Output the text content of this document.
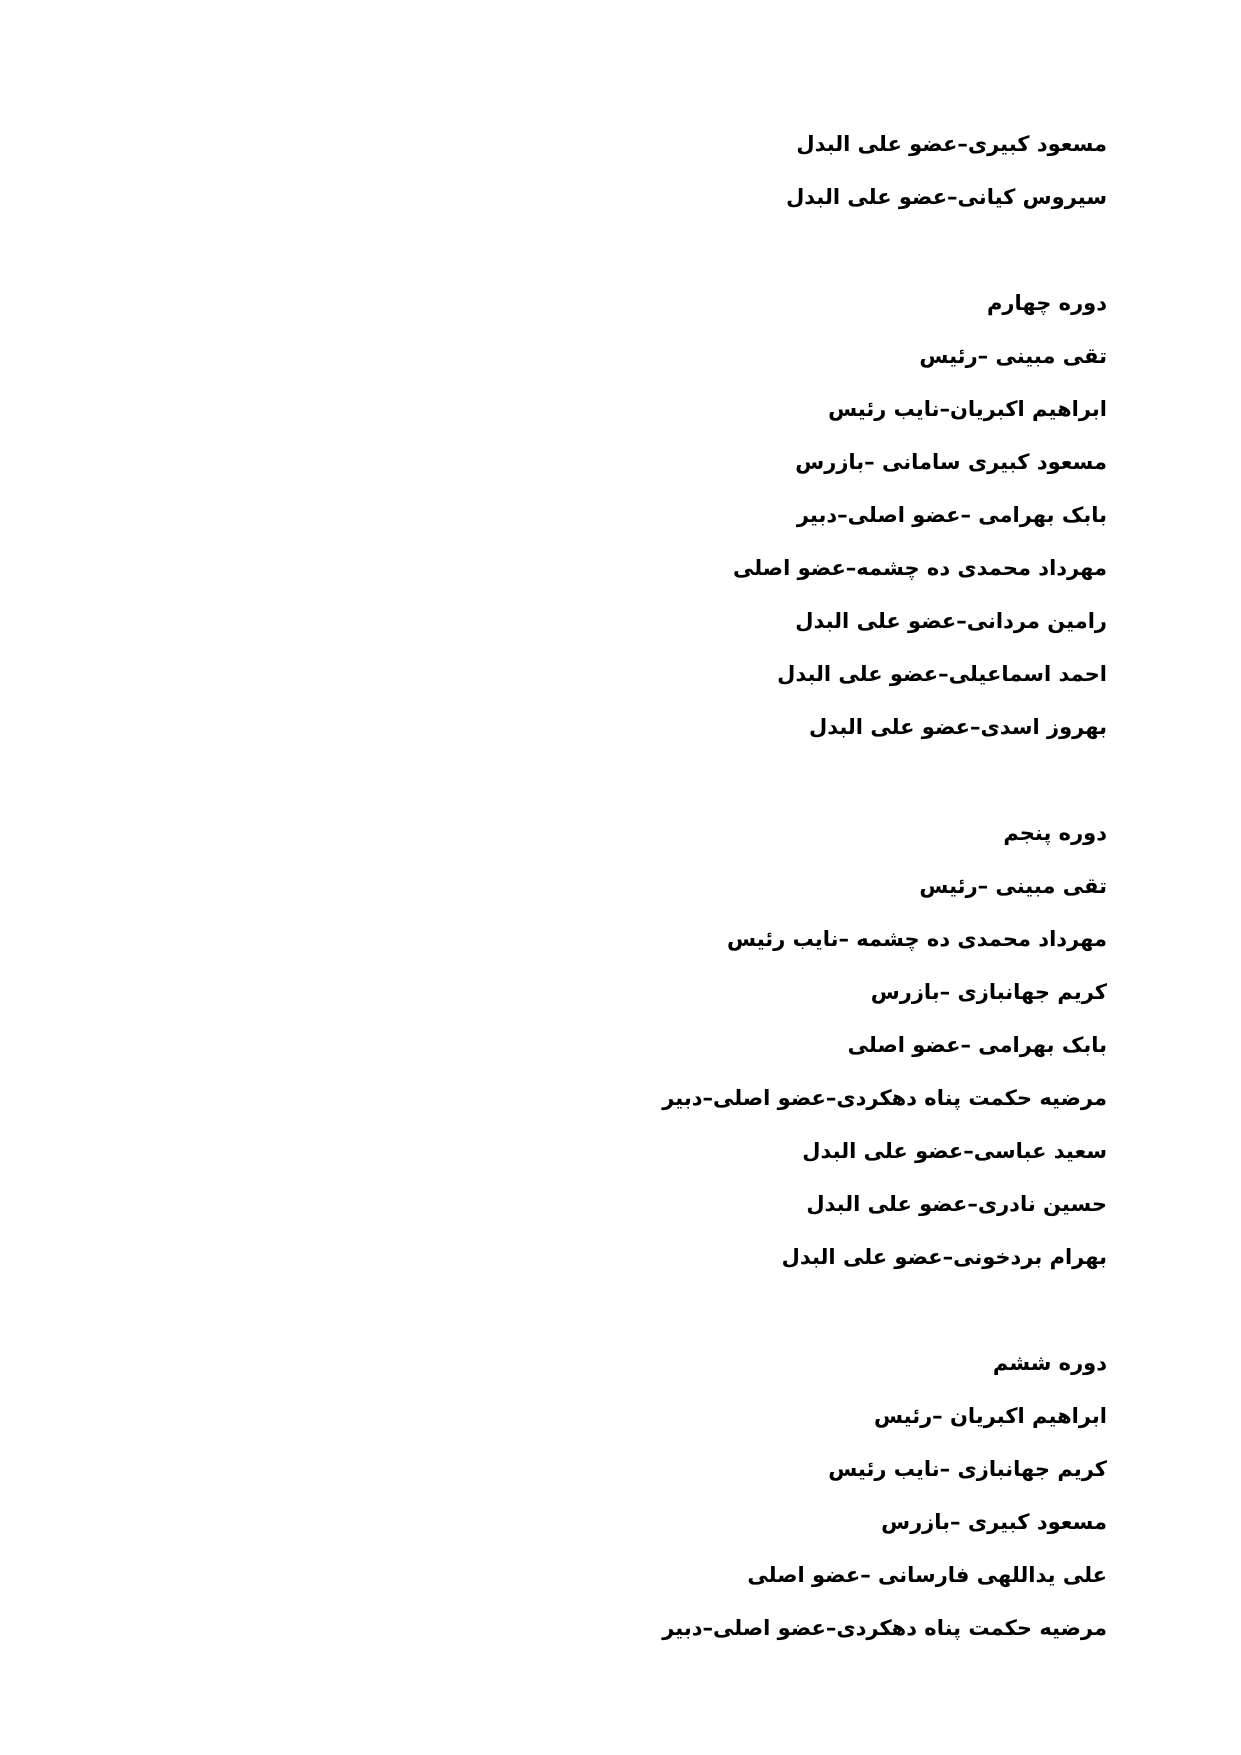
مسعود کبیری–عضو علی البدل
سیروس کیانی–عضو علی البدل
دوره چهارم
تقی مبینی –رئیس
ابراهیم اکبریان–نایب رئیس
مسعود کبیری سامانی –بازرس
بابک بهرامی –عضو اصلی–دبیر
مهرداد محمدی ده چشمه–عضو اصلی
رامین مردانی–عضو علی البدل
احمد اسماعیلی–عضو علی البدل
بهروز اسدی–عضو علی البدل
دوره پنجم
تقی مبینی –رئیس
مهرداد محمدی ده چشمه –نایب رئیس
کریم جهانبازی –بازرس
بابک بهرامی –عضو اصلی
مرضیه حکمت پناه دهکردی–عضو اصلی–دبیر
سعید عباسی–عضو علی البدل
حسین نادری–عضو علی البدل
بهرام بردخونی–عضو علی البدل
دوره ششم
ابراهیم اکبریان –رئیس
کریم جهانبازی –نایب رئیس
مسعود کبیری –بازرس
علی یداللهی فارسانی –عضو اصلی
مرضیه حکمت پناه دهکردی–عضو اصلی–دبیر
